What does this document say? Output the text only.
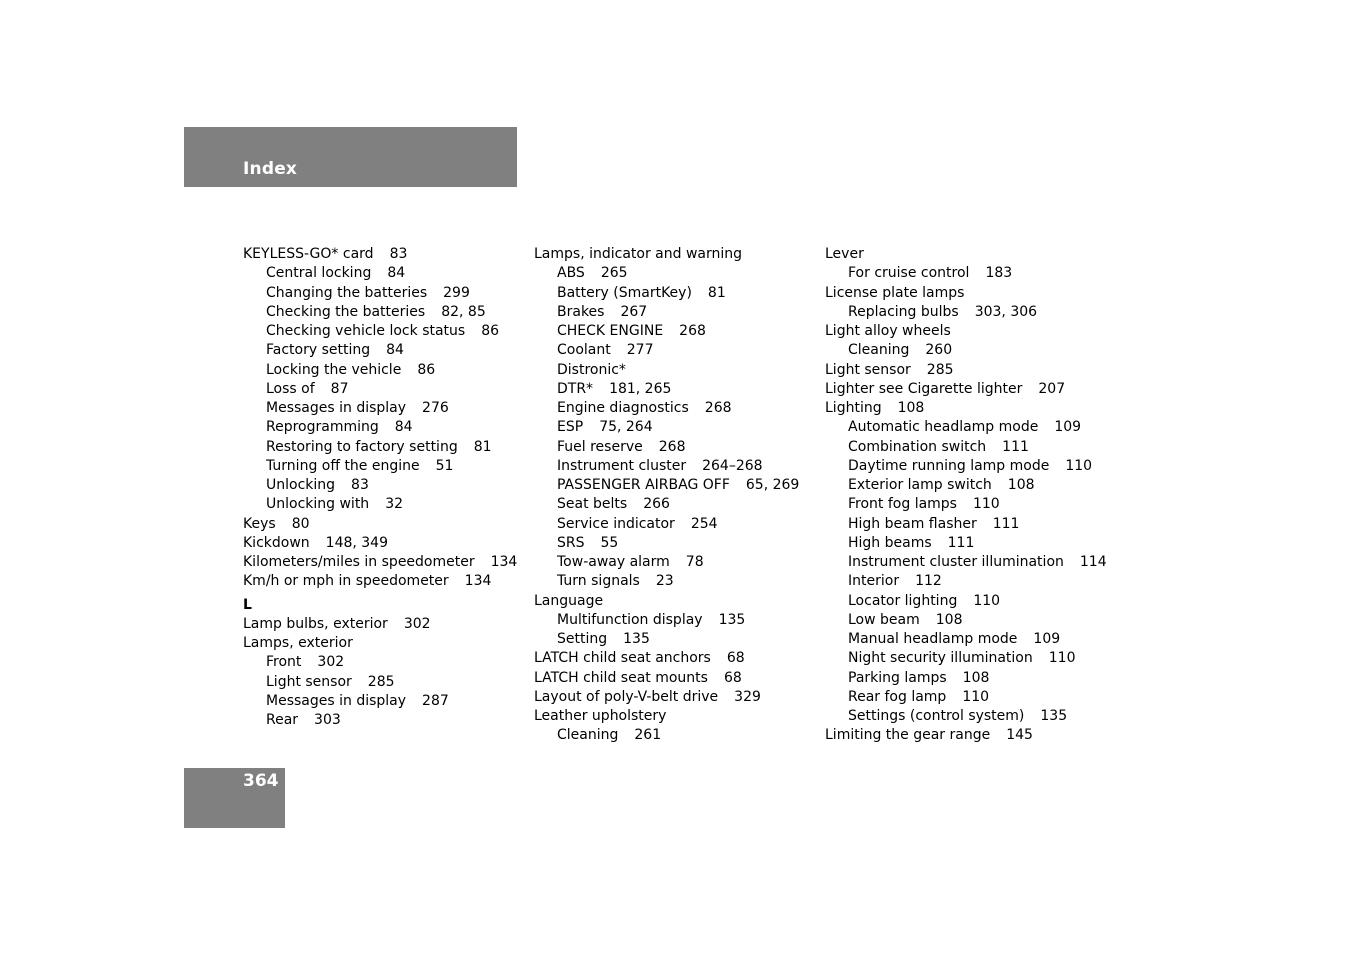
Index
KEYLESS-GO* card 83
Central locking 84
Changing the batteries 299
Checking the batteries 82, 85
Checking vehicle lock status 86
Factory setting 84
Locking the vehicle 86
Loss of 87
Messages in display 276
Reprogramming 84
Restoring to factory setting 81
Turning off the engine 51
Unlocking 83
Unlocking with 32
Keys 80
Kickdown 148, 349
Kilometers/miles in speedometer 134
Km/h or mph in speedometer 134
L
Lamp bulbs, exterior 302
Lamps, exterior
Front 302
Light sensor 285
Messages in display 287
Rear 303
Lamps, indicator and warning
ABS 265
Battery (SmartKey) 81
Brakes 267
CHECK ENGINE 268
Coolant 277
Distronic*
DTR* 181, 265
Engine diagnostics 268
ESP 75, 264
Fuel reserve 268
Instrument cluster 264–268
PASSENGER AIRBAG OFF 65, 269
Seat belts 266
Service indicator 254
SRS 55
Tow-away alarm 78
Turn signals 23
Language
Multifunction display 135
Setting 135
LATCH child seat anchors 68
LATCH child seat mounts 68
Layout of poly-V-belt drive 329
Leather upholstery
Cleaning 261
Lever
For cruise control 183
License plate lamps
Replacing bulbs 303, 306
Light alloy wheels
Cleaning 260
Light sensor 285
Lighter see Cigarette lighter 207
Lighting 108
Automatic headlamp mode 109
Combination switch 111
Daytime running lamp mode 110
Exterior lamp switch 108
Front fog lamps 110
High beam flasher 111
High beams 111
Instrument cluster illumination 114
Interior 112
Locator lighting 110
Low beam 108
Manual headlamp mode 109
Night security illumination 110
Parking lamps 108
Rear fog lamp 110
Settings (control system) 135
Limiting the gear range 145
364
